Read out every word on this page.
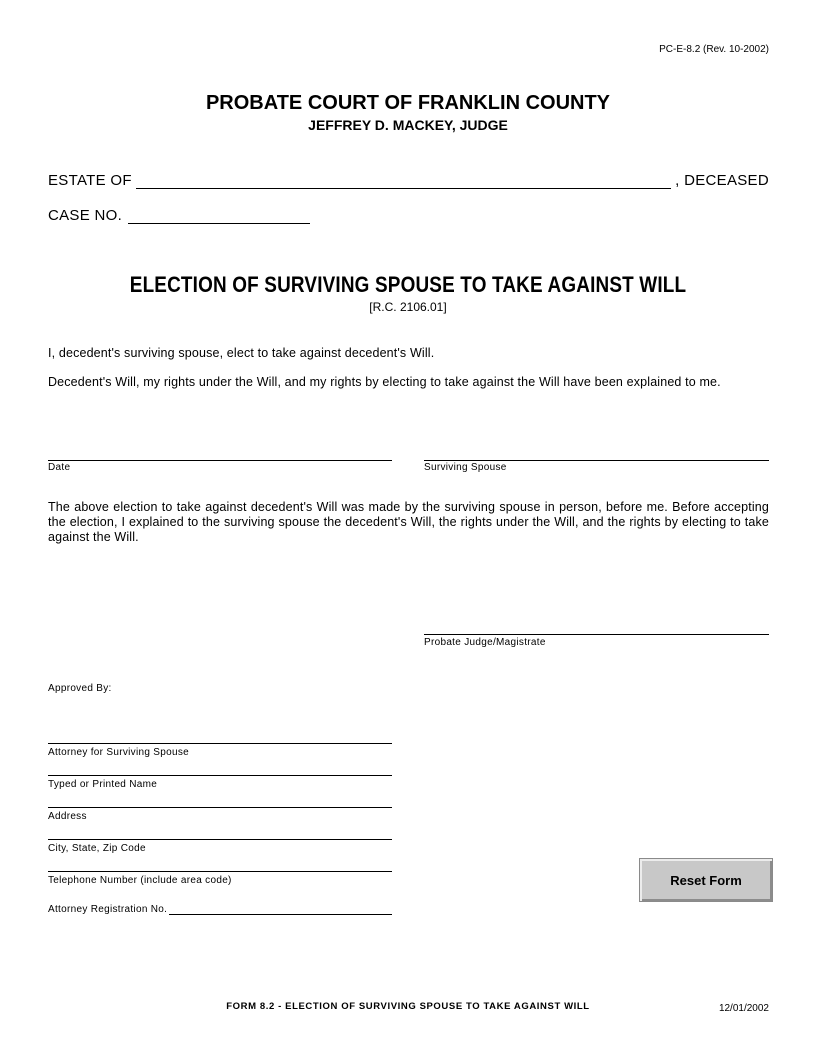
PC-E-8.2 (Rev. 10-2002)
PROBATE COURT OF FRANKLIN COUNTY
JEFFREY D. MACKEY, JUDGE
ESTATE OF	, DECEASED
CASE NO.
ELECTION OF SURVIVING SPOUSE TO TAKE AGAINST WILL
[R.C. 2106.01]
I, decedent's surviving spouse, elect to take against decedent's Will.
Decedent's Will, my rights under the Will, and my rights by electing to take against the Will have been explained to me.
Date	Surviving Spouse
The above election to take against decedent's Will was made by the surviving spouse in person, before me. Before accepting the election, I explained to the surviving spouse the decedent's Will, the rights under the Will, and the rights by electing to take against the Will.
Probate Judge/Magistrate
Approved By:
Attorney for Surviving Spouse
Typed or Printed Name
Address
City, State, Zip Code
Telephone Number (include area code)
Attorney Registration No.
Reset Form
FORM 8.2 - ELECTION OF SURVIVING SPOUSE TO TAKE AGAINST WILL	12/01/2002
